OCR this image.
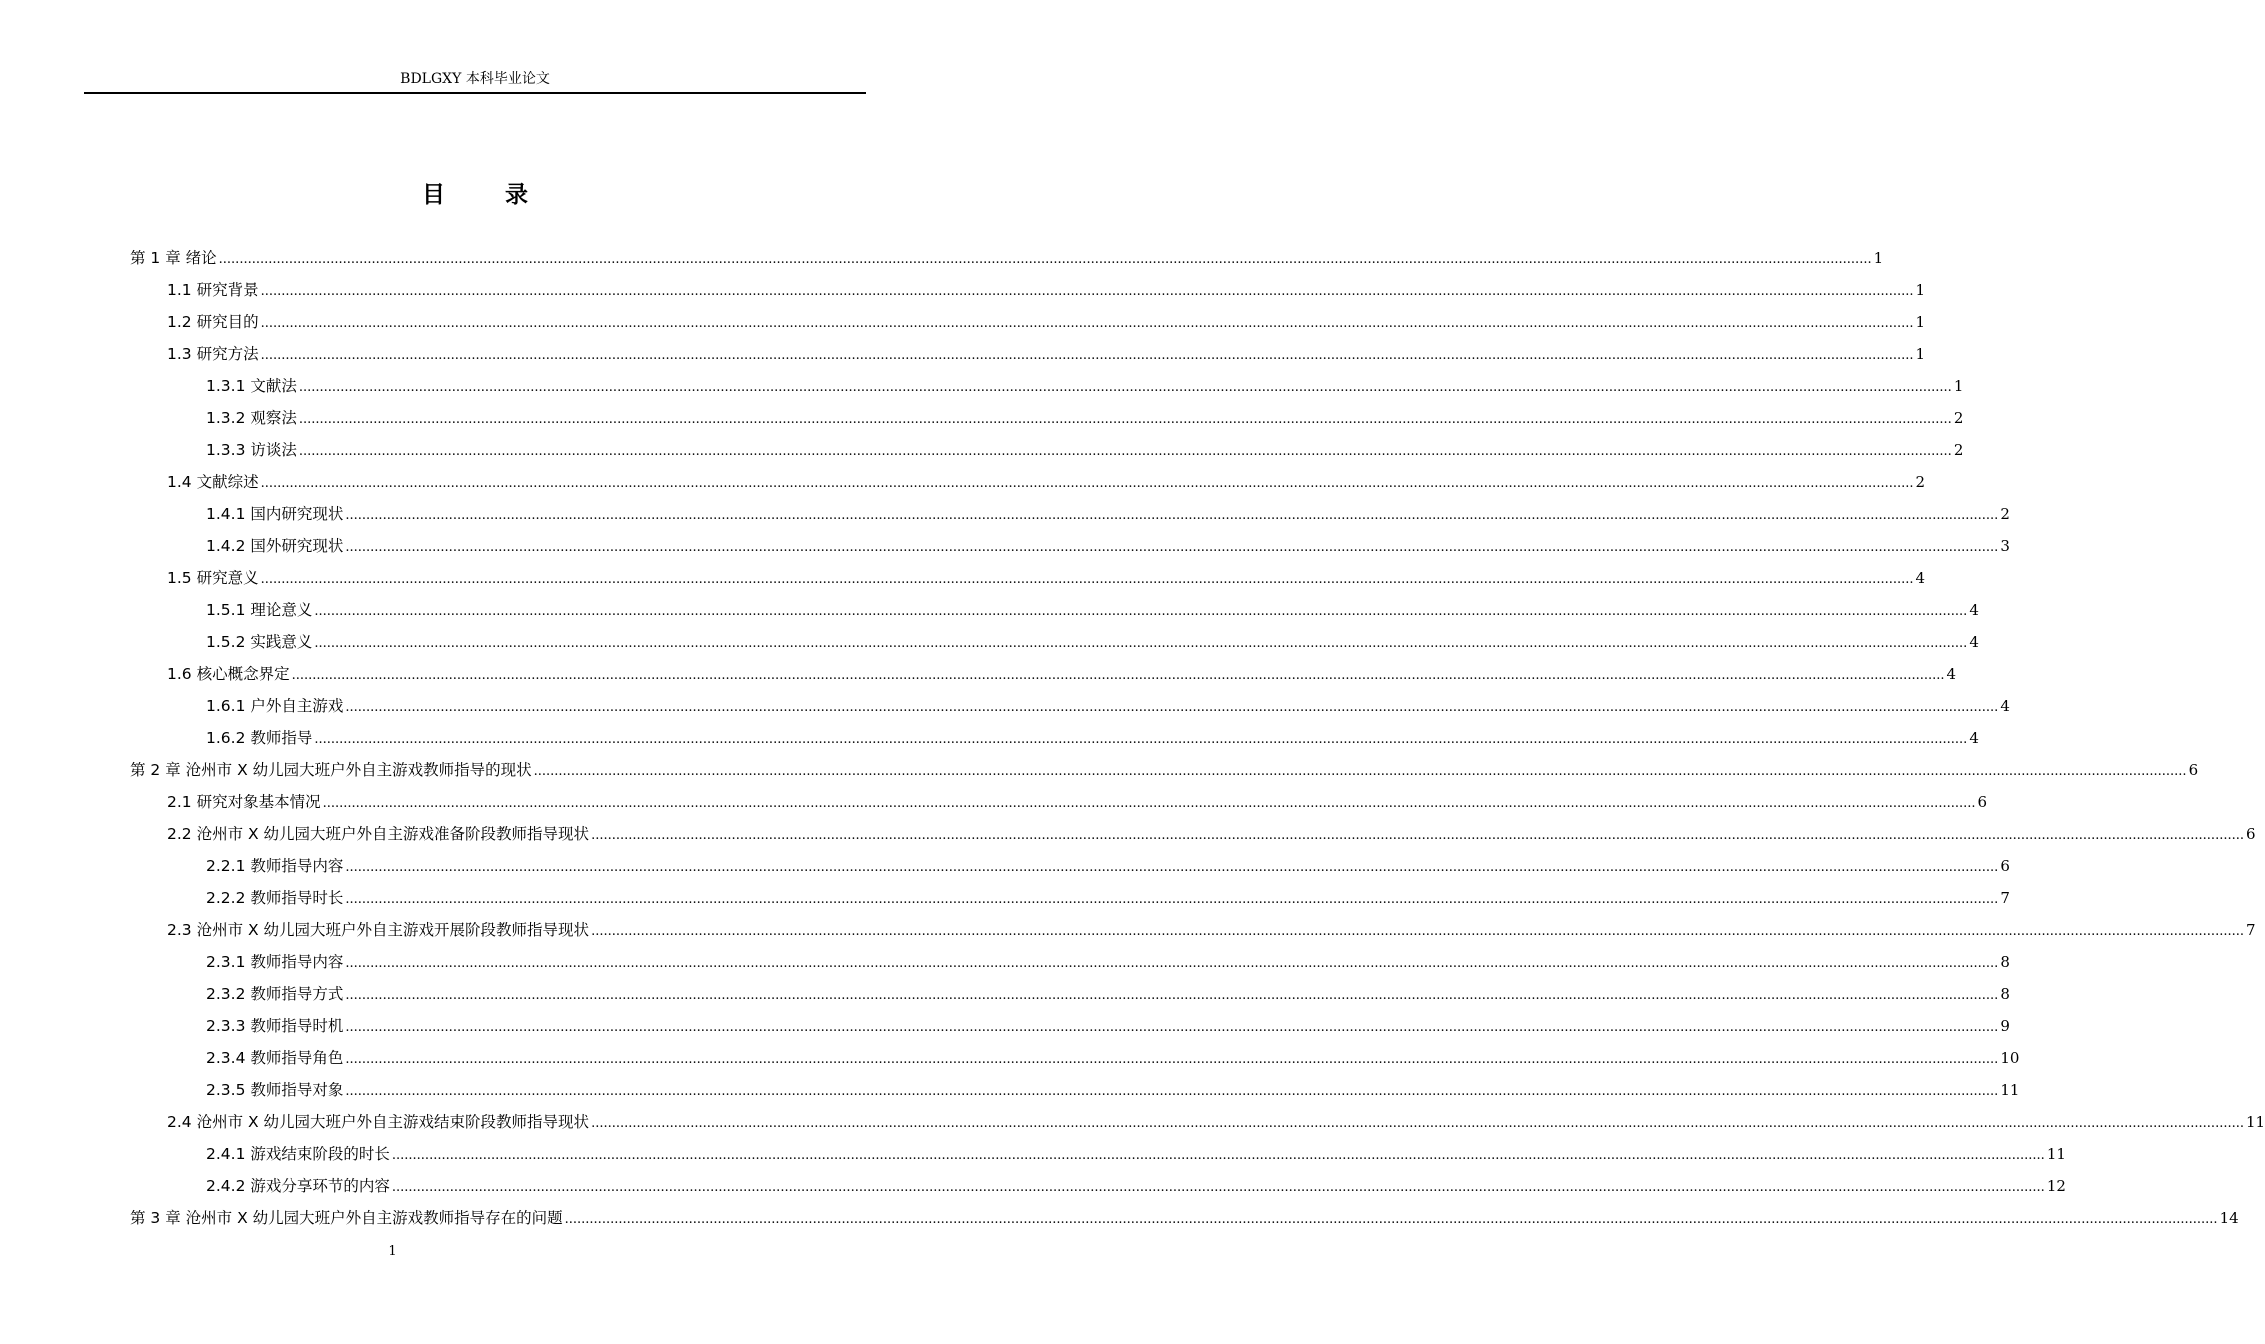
BDLGXY 本科毕业论文
目 录
第 1 章 绪论 ................................................................................................................................................................................................................................................................................................................................................................................................................ 1
1.1 研究背景 ................................................................................................................................................................................................................................................................................................................................................................................................................ 1
1.2 研究目的 ................................................................................................................................................................................................................................................................................................................................................................................................................ 1
1.3 研究方法 ................................................................................................................................................................................................................................................................................................................................................................................................................ 1
1.3.1 文献法 ................................................................................................................................................................................................................................................................................................................................................................................................................ 1
1.3.2 观察法 ................................................................................................................................................................................................................................................................................................................................................................................................................ 2
1.3.3 访谈法 ................................................................................................................................................................................................................................................................................................................................................................................................................ 2
1.4 文献综述 ................................................................................................................................................................................................................................................................................................................................................................................................................ 2
1.4.1 国内研究现状 ................................................................................................................................................................................................................................................................................................................................................................................................................ 2
1.4.2 国外研究现状 ................................................................................................................................................................................................................................................................................................................................................................................................................ 3
1.5 研究意义 ................................................................................................................................................................................................................................................................................................................................................................................................................ 4
1.5.1 理论意义 ................................................................................................................................................................................................................................................................................................................................................................................................................ 4
1.5.2 实践意义 ................................................................................................................................................................................................................................................................................................................................................................................................................ 4
1.6 核心概念界定 ................................................................................................................................................................................................................................................................................................................................................................................................................ 4
1.6.1 户外自主游戏 ................................................................................................................................................................................................................................................................................................................................................................................................................ 4
1.6.2 教师指导 ................................................................................................................................................................................................................................................................................................................................................................................................................ 4
第 2 章 沧州市 X 幼儿园大班户外自主游戏教师指导的现状 ................................................................................................................................................................................................................................................................................................................................................................................................................ 6
2.1 研究对象基本情况 ................................................................................................................................................................................................................................................................................................................................................................................................................ 6
2.2 沧州市 X 幼儿园大班户外自主游戏准备阶段教师指导现状 ................................................................................................................................................................................................................................................................................................................................................................................................................ 6
2.2.1 教师指导内容 ................................................................................................................................................................................................................................................................................................................................................................................................................ 6
2.2.2 教师指导时长 ................................................................................................................................................................................................................................................................................................................................................................................................................ 7
2.3 沧州市 X 幼儿园大班户外自主游戏开展阶段教师指导现状 ................................................................................................................................................................................................................................................................................................................................................................................................................ 7
2.3.1 教师指导内容 ................................................................................................................................................................................................................................................................................................................................................................................................................ 8
2.3.2 教师指导方式 ................................................................................................................................................................................................................................................................................................................................................................................................................ 8
2.3.3 教师指导时机 ................................................................................................................................................................................................................................................................................................................................................................................................................ 9
2.3.4 教师指导角色 ................................................................................................................................................................................................................................................................................................................................................................................................................ 10
2.3.5 教师指导对象 ................................................................................................................................................................................................................................................................................................................................................................................................................ 11
2.4 沧州市 X 幼儿园大班户外自主游戏结束阶段教师指导现状 ................................................................................................................................................................................................................................................................................................................................................................................................................ 11
2.4.1 游戏结束阶段的时长 ................................................................................................................................................................................................................................................................................................................................................................................................................ 11
2.4.2 游戏分享环节的内容 ................................................................................................................................................................................................................................................................................................................................................................................................................ 12
第 3 章 沧州市 X 幼儿园大班户外自主游戏教师指导存在的问题 ................................................................................................................................................................................................................................................................................................................................................................................................................ 14
1
